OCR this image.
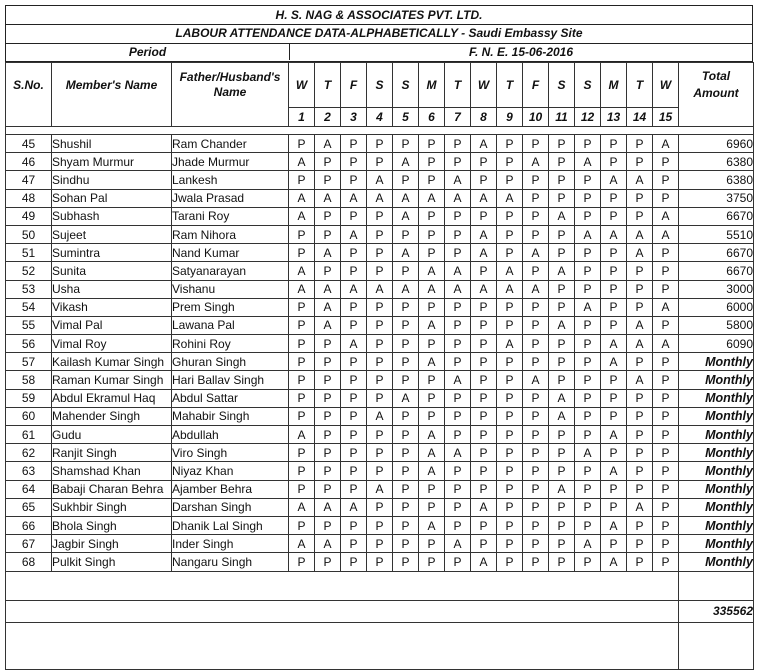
H. S. NAG & ASSOCIATES PVT. LTD.
LABOUR ATTENDANCE DATA-ALPHABETICALLY - Saudi Embassy Site
Period	F. N. E. 15-06-2016
S.No.	Member's Name	Father/Husband's Name	W	T	F	S	S	M	T	W	T	F	S	S	M	T	W	Total Amount
			1	2	3	4	5	6	7	8	9	10	11	12	13	14	15	

45	Shushil	Ram Chander	P	A	P	P	P	P	P	A	P	P	P	P	P	P	A	6960
46	Shyam Murmur	Jhade Murmur	A	P	P	P	A	P	P	P	P	A	P	A	P	P	P	6380
47	Sindhu	Lankesh	P	P	P	A	P	P	A	P	P	P	P	P	A	A	P	6380
48	Sohan Pal	Jwala Prasad	A	A	A	A	A	A	A	A	A	P	P	P	P	P	P	3750
49	Subhash	Tarani Roy	A	P	P	P	A	P	P	P	P	P	A	P	P	P	A	6670
50	Sujeet	Ram Nihora	P	P	A	P	P	P	P	A	P	P	P	A	A	A	A	5510
51	Sumintra	Nand Kumar	P	A	P	P	A	P	P	A	P	A	P	P	P	A	P	6670
52	Sunita	Satyanarayan	A	P	P	P	P	A	A	P	A	P	A	P	P	P	P	6670
53	Usha	Vishanu	A	A	A	A	A	A	A	A	A	A	P	P	P	P	P	3000
54	Vikash	Prem Singh	P	A	P	P	P	P	P	P	P	P	P	A	P	P	A	6000
55	Vimal Pal	Lawana Pal	P	A	P	P	P	A	P	P	P	P	A	P	P	A	P	5800
56	Vimal Roy	Rohini Roy	P	P	A	P	P	P	P	P	A	P	P	P	A	A	A	6090
57	Kailash Kumar Singh	Ghuran Singh	P	P	P	P	P	A	P	P	P	P	P	P	A	P	P	Monthly
58	Raman Kumar Singh	Hari Ballav Singh	P	P	P	P	P	P	A	P	P	A	P	P	P	A	P	Monthly
59	Abdul Ekramul Haq	Abdul Sattar	P	P	P	P	A	P	P	P	P	P	A	P	P	P	P	Monthly
60	Mahender Singh	Mahabir Singh	P	P	P	A	P	P	P	P	P	P	A	P	P	P	P	Monthly
61	Gudu	Abdullah	A	P	P	P	P	A	P	P	P	P	P	P	A	P	P	Monthly
62	Ranjit Singh	Viro Singh	P	P	P	P	P	A	A	P	P	P	P	A	P	P	P	Monthly
63	Shamshad Khan	Niyaz Khan	P	P	P	P	P	A	P	P	P	P	P	P	A	P	P	Monthly
64	Babaji Charan Behra	Ajamber Behra	P	P	P	A	P	P	P	P	P	P	A	P	P	P	P	Monthly
65	Sukhbir Singh	Darshan Singh	A	A	A	P	P	P	P	A	P	P	P	P	P	A	P	Monthly
66	Bhola Singh	Dhanik Lal Singh	P	P	P	P	P	A	P	P	P	P	P	P	A	P	P	Monthly
67	Jagbir Singh	Inder Singh	A	A	P	P	P	P	A	P	P	P	P	A	P	P	P	Monthly
68	Pulkit Singh	Nangaru Singh	P	P	P	P	P	P	P	A	P	P	P	P	A	P	P	Monthly

																		335562
